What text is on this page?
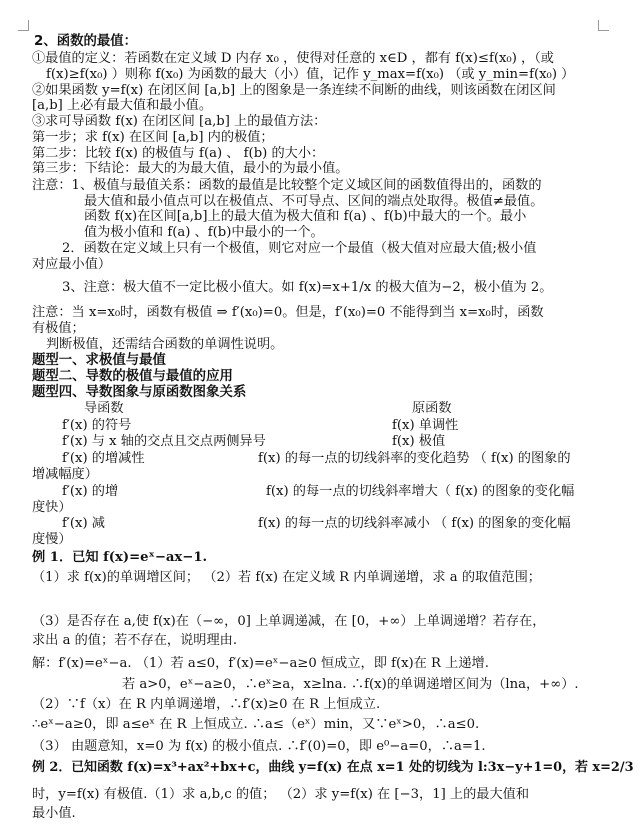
2、函数的最值：
①最值的定义：若函数在定义域 D 内存 x₀ ，使得对任意的 x∈D ，都有 f(x)≤f(x₀) ，（或
f(x)≥f(x₀) ）则称 f(x₀) 为函数的最大（小）值，记作 y_max=f(x₀) （或 y_min=f(x₀) ）
②如果函数 y=f(x) 在闭区间 [a,b] 上的图象是一条连续不间断的曲线，则该函数在闭区间
[a,b] 上必有最大值和最小值。
③求可导函数 f(x) 在闭区间 [a,b] 上的最值方法：
第一步；求 f(x) 在区间 [a,b] 内的极值；
第二步：比较 f(x) 的极值与 f(a) 、 f(b) 的大小：
第三步：下结论：最大的为最大值，最小的为最小值。
注意：1、极值与最值关系：函数的最值是比较整个定义域区间的函数值得出的，函数的
最大值和最小值点可以在极值点、不可导点、区间的端点处取得。极值≠最值。
函数 f(x)在区间[a,b]上的最大值为极大值和 f(a) 、f(b)中最大的一个。最小
值为极小值和 f(a) 、f(b)中最小的一个。
2．函数在定义域上只有一个极值，则它对应一个最值（极大值对应最大值;极小值
对应最小值）
3、注意：极大值不一定比极小值大。如 f(x)=x+1/x 的极大值为−2，极小值为 2。
注意：当 x=x₀时，函数有极值 ⇒ f′(x₀)=0。但是，f′(x₀)=0 不能得到当 x=x₀时，函数
有极值；
判断极值，还需结合函数的单调性说明。
题型一、求极值与最值
题型二、导数的极值与最值的应用
题型四、导数图象与原函数图象关系
导函数	原函数
f′(x) 的符号	f(x) 单调性
f′(x) 与 x 轴的交点且交点两侧异号	f(x) 极值
f′(x) 的增减性	f(x) 的每一点的切线斜率的变化趋势 （ f(x) 的图象的
增减幅度）
f′(x) 的增	f(x) 的每一点的切线斜率增大（ f(x) 的图象的变化幅
度快）
f′(x) 减	f(x) 的每一点的切线斜率减小 （ f(x) 的图象的变化幅
度慢）
例 1．已知 f(x)=eˣ−ax−1.
（1）求 f(x)的单调增区间； （2）若 f(x) 在定义域 R 内单调递增，求 a 的取值范围；
（3）是否存在 a,使 f(x)在（−∞，0] 上单调递减，在 [0，+∞）上单调递增？若存在，
求出 a 的值；若不存在，说明理由.
解：f′(x)=eˣ−a. （1）若 a≤0，f′(x)=eˣ−a≥0 恒成立，即 f(x)在 R 上递增.
若 a>0，eˣ−a≥0，∴eˣ≥a，x≥lna. ∴f(x)的单调递增区间为（lna，+∞）.
（2）∵f（x）在 R 内单调递增，∴f′(x)≥0 在 R 上恒成立.
∴eˣ−a≥0，即 a≤eˣ 在 R 上恒成立. ∴a≤（eˣ）min，又∵eˣ>0，∴a≤0.
（3） 由题意知，x=0 为 f(x) 的极小值点. ∴f′(0)=0，即 e⁰−a=0，∴a=1.
例 2．已知函数 f(x)=x³+ax²+bx+c，曲线 y=f(x) 在点 x=1 处的切线为 l:3x−y+1=0，若 x=2/3
时，y=f(x) 有极值.（1）求 a,b,c 的值； （2）求 y=f(x) 在 [−3，1] 上的最大值和
最小值.
